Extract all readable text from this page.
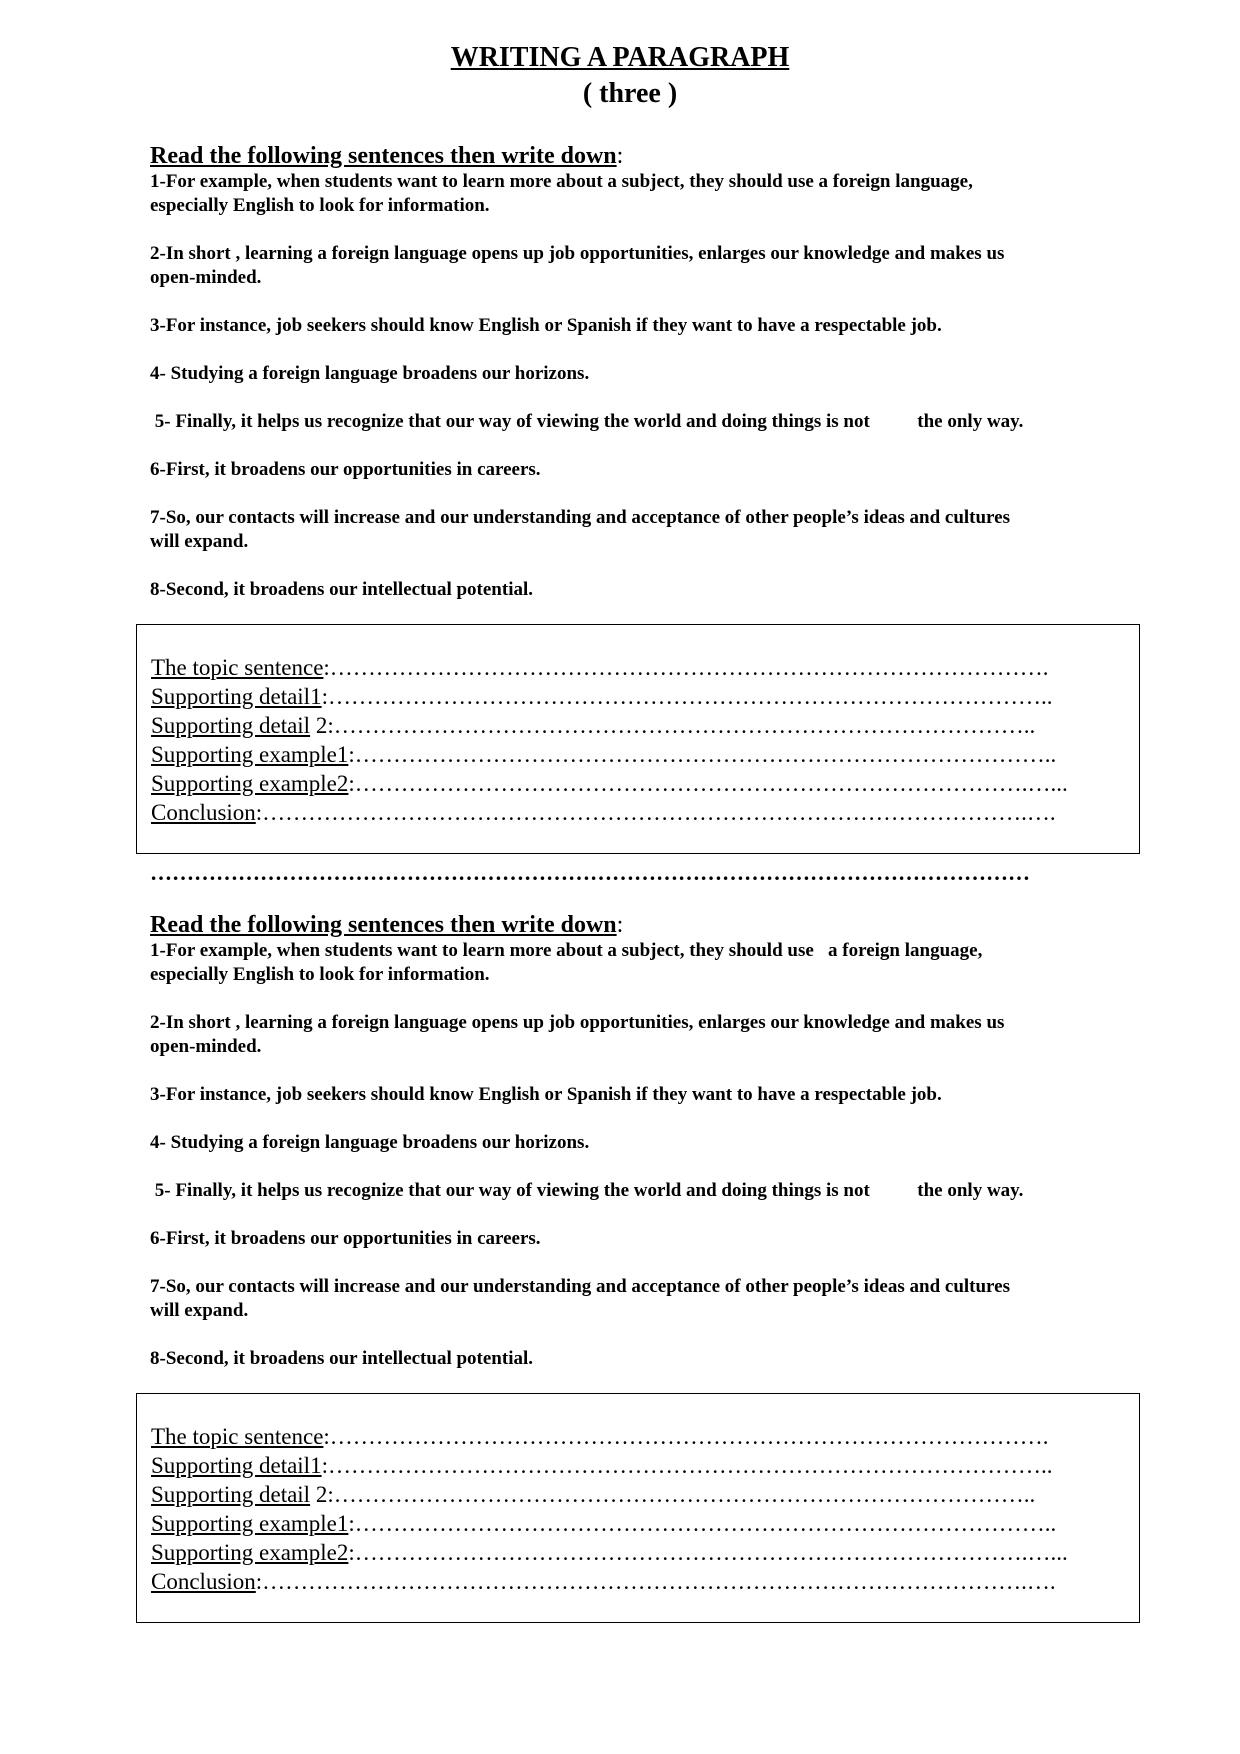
WRITING A PARAGRAPH
( three )
Read the following sentences then write down:

1-For example, when students want to learn more about a subject, they should use a foreign language,

especially English to look for information.

2-In short , learning a foreign language opens up job opportunities, enlarges our knowledge and makes us

open-minded.

3-For instance, job seekers should know English or Spanish if they want to have a respectable job.

4- Studying a foreign language broadens our horizons.

5- Finally, it helps us recognize that our way of viewing the world and doing things is not          the only way.

6-First, it broadens our opportunities in careers.

7-So, our contacts will increase and our understanding and acceptance of other people’s ideas and cultures

will expand.

8-Second, it broadens our intellectual potential.

The topic sentence:………………………………………………………………………………….
Supporting detail1:…………………………………………………………………………………..
Supporting detail 2:………………………………………………………………………………..
Supporting example1:………………………………………………………………………………..
Supporting example2:…………………………………………………………………………….…...
Conclusion:……………………………………………………………………………………….….
…………………………………………………………………………………………………………
Read the following sentences then write down:

1-For example, when students want to learn more about a subject, they should use   a foreign language,

especially English to look for information.

2-In short , learning a foreign language opens up job opportunities, enlarges our knowledge and makes us

open-minded.

3-For instance, job seekers should know English or Spanish if they want to have a respectable job.

4- Studying a foreign language broadens our horizons.

5- Finally, it helps us recognize that our way of viewing the world and doing things is not          the only way.

6-First, it broadens our opportunities in careers.

7-So, our contacts will increase and our understanding and acceptance of other people’s ideas and cultures

will expand.

8-Second, it broadens our intellectual potential.

The topic sentence:………………………………………………………………………………….
Supporting detail1:…………………………………………………………………………………..
Supporting detail 2:………………………………………………………………………………..
Supporting example1:………………………………………………………………………………..
Supporting example2:…………………………………………………………………………….…...
Conclusion:……………………………………………………………………………………….….
